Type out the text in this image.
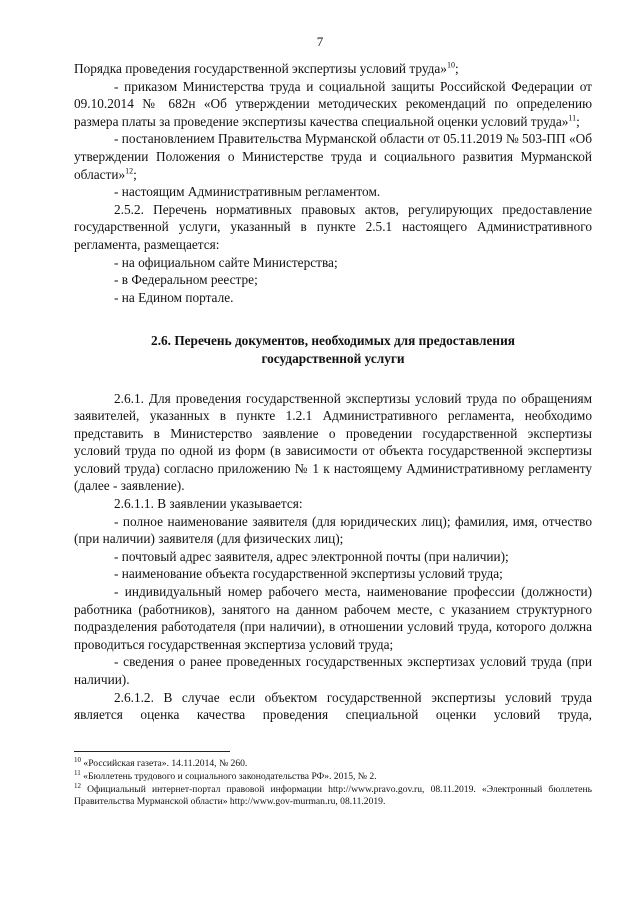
7

Порядка проведения государственной экспертизы условий труда»$^{10}$;

- приказом Министерства труда и социальной защиты Российской Федерации от 09.10.2014 № 682н «Об утверждении методических рекомендаций по определению размера платы за проведение экспертизы качества специальной оценки условий труда»$^{11}$;

- постановлением Правительства Мурманской области от 05.11.2019 № 503-ПП «Об утверждении Положения о Министерстве труда и социального развития Мурманской области»$^{12}$;

- настоящим Административным регламентом.

2.5.2. Перечень нормативных правовых актов, регулирующих предоставление государственной услуги, указанный в пункте 2.5.1 настоящего Административного регламента, размещается:

- на официальном сайте Министерства;

- в Федеральном реестре;

- на Едином портале.

2.6. Перечень документов, необходимых для предоставления
государственной услуги

2.6.1. Для проведения государственной экспертизы условий труда по обращениям заявителей, указанных в пункте 1.2.1 Административного регламента, необходимо представить в Министерство заявление о проведении государственной экспертизы условий труда по одной из форм (в зависимости от объекта государственной экспертизы условий труда) согласно приложению № 1 к настоящему Административному регламенту (далее - заявление).

2.6.1.1. В заявлении указывается:

- полное наименование заявителя (для юридических лиц); фамилия, имя, отчество (при наличии) заявителя (для физических лиц);

- почтовый адрес заявителя, адрес электронной почты (при наличии);

- наименование объекта государственной экспертизы условий труда;

- индивидуальный номер рабочего места, наименование профессии (должности) работника (работников), занятого на данном рабочем месте, с указанием структурного подразделения работодателя (при наличии), в отношении условий труда, которого должна проводиться государственная экспертиза условий труда;

- сведения о ранее проведенных государственных экспертизах условий труда (при наличии).

2.6.1.2. В случае если объектом государственной экспертизы условий труда является оценка качества проведения специальной оценки условий труда,

$^{10}$ «Российская газета». 14.11.2014, № 260.
$^{11}$ «Бюллетень трудового и социального законодательства РФ». 2015, № 2.
$^{12}$ Официальный интернет-портал правовой информации http://www.pravo.gov.ru, 08.11.2019. «Электронный бюллетень Правительства Мурманской области» http://www.gov-murman.ru, 08.11.2019.
